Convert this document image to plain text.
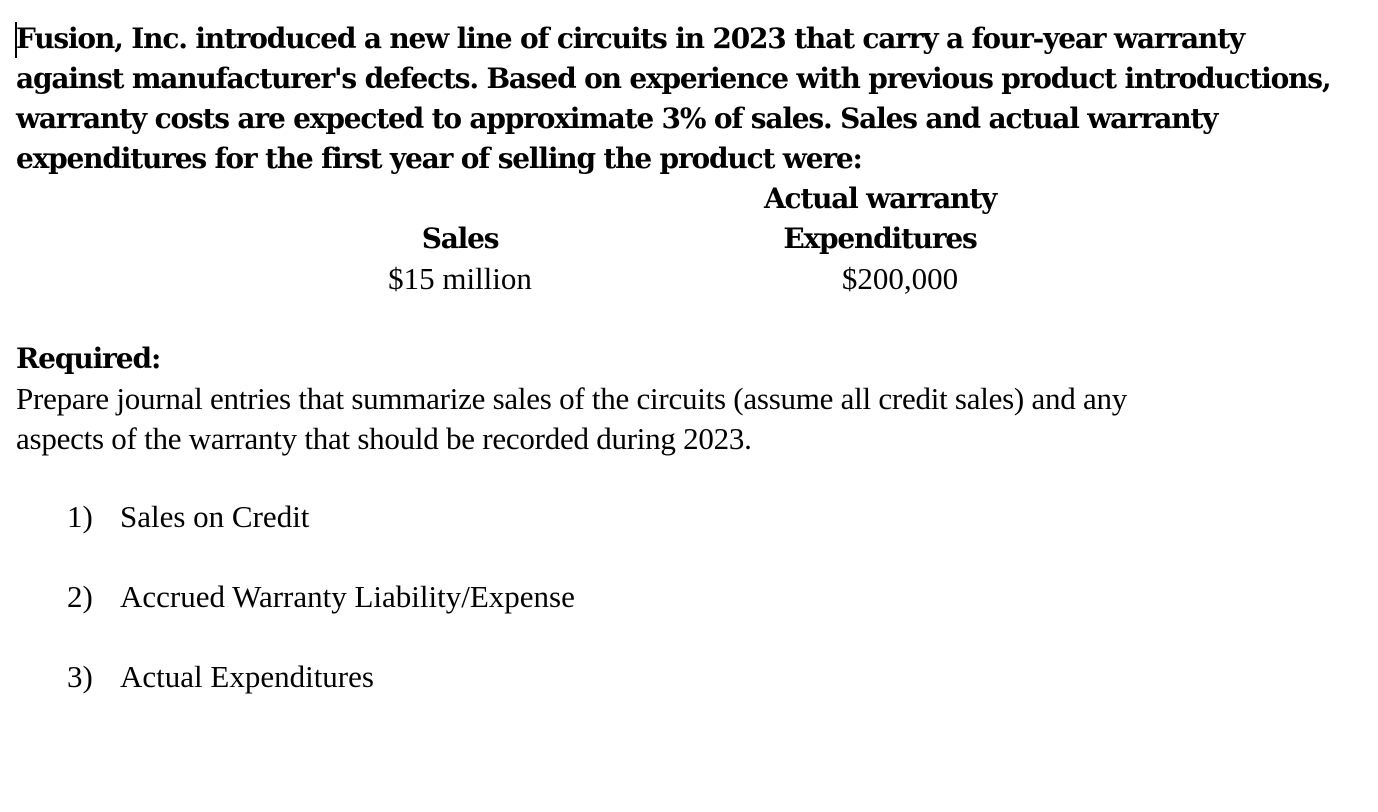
Fusion, Inc. introduced a new line of circuits in 2023 that carry a four-year warranty
against manufacturer's defects. Based on experience with previous product introductions,
warranty costs are expected to approximate 3% of sales. Sales and actual warranty
expenditures for the first year of selling the product were:
Actual warranty
Sales	Expenditures
$15 million	$200,000
Required:
Prepare journal entries that summarize sales of the circuits (assume all credit sales) and any
aspects of the warranty that should be recorded during 2023.
1) Sales on Credit
2) Accrued Warranty Liability/Expense
3) Actual Expenditures
